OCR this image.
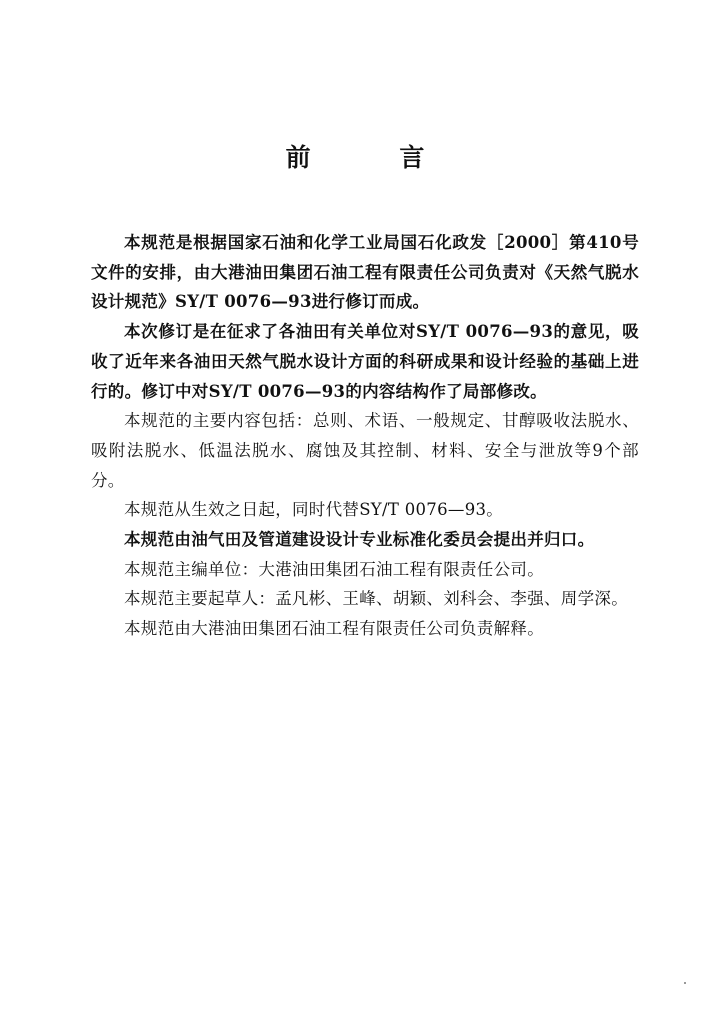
前 言

本规范是根据国家石油和化学工业局国石化政发［2000］第410号文件的安排，由大港油田集团石油工程有限责任公司负责对《天然气脱水设计规范》SY/T 0076—93进行修订而成。

本次修订是在征求了各油田有关单位对SY/T 0076—93的意见，吸收了近年来各油田天然气脱水设计方面的科研成果和设计经验的基础上进行的。修订中对SY/T 0076—93的内容结构作了局部修改。

本规范的主要内容包括：总则、术语、一般规定、甘醇吸收法脱水、吸附法脱水、低温法脱水、腐蚀及其控制、材料、安全与泄放等9个部分。

本规范从生效之日起，同时代替SY/T 0076—93。

本规范由油气田及管道建设设计专业标准化委员会提出并归口。

本规范主编单位：大港油田集团石油工程有限责任公司。

本规范主要起草人：孟凡彬、王峰、胡颖、刘科会、李强、周学深。

本规范由大港油田集团石油工程有限责任公司负责解释。
